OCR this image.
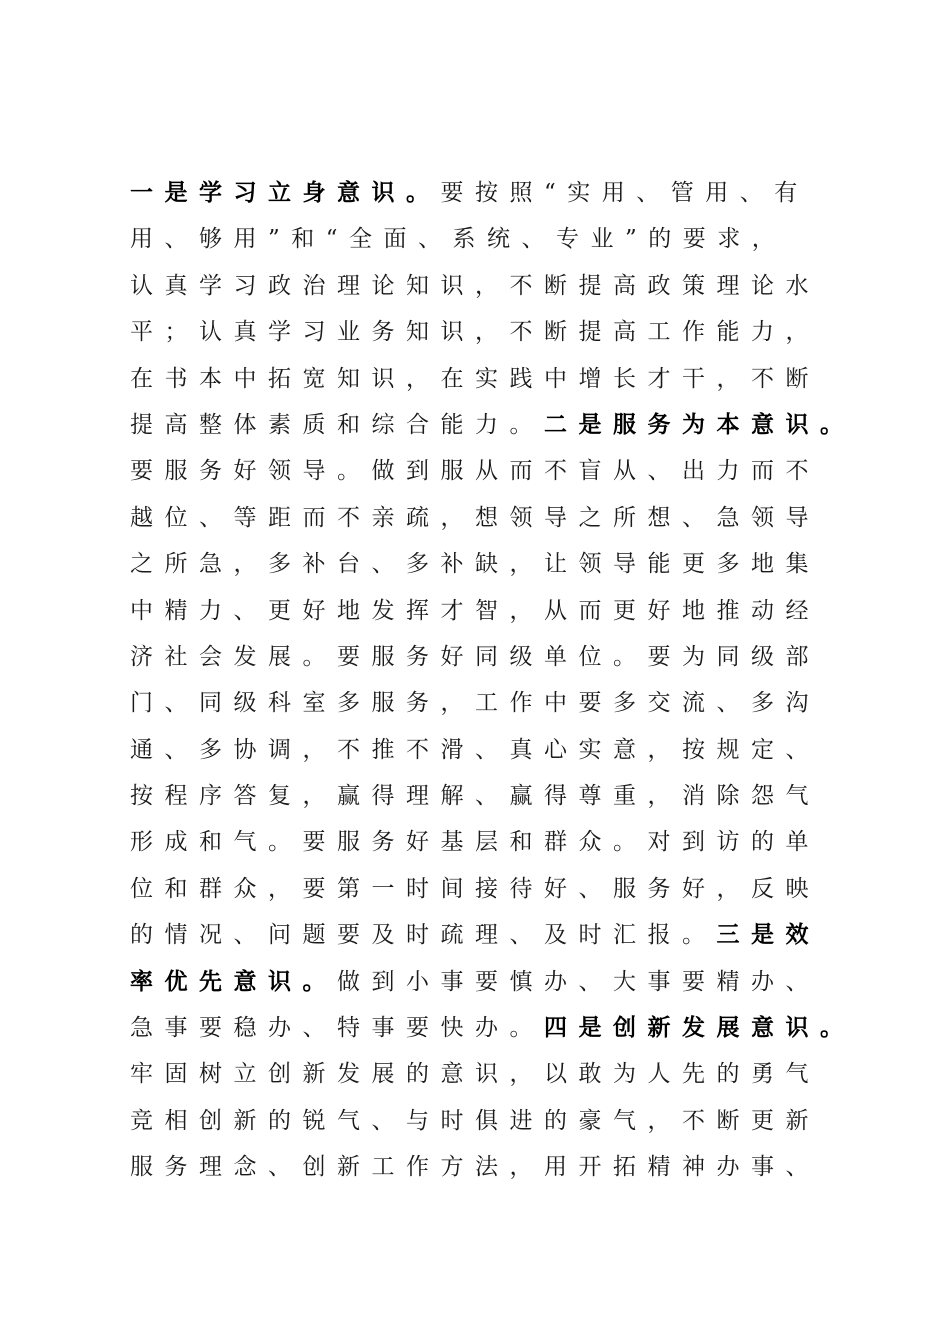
一是学习立身意识。要按照“实用、管用、有
用、够用”和“全面、系统、专业”的要求，
认真学习政治理论知识，不断提高政策理论水
平；认真学习业务知识，不断提高工作能力，
在书本中拓宽知识，在实践中增长才干，不断
提高整体素质和综合能力。二是服务为本意识。
要服务好领导。做到服从而不盲从、出力而不
越位、等距而不亲疏，想领导之所想、急领导
之所急，多补台、多补缺，让领导能更多地集
中精力、更好地发挥才智，从而更好地推动经
济社会发展。要服务好同级单位。要为同级部
门、同级科室多服务，工作中要多交流、多沟
通、多协调，不推不滑、真心实意，按规定、
按程序答复，赢得理解、赢得尊重，消除怨气
形成和气。要服务好基层和群众。对到访的单
位和群众，要第一时间接待好、服务好，反映
的情况、问题要及时疏理、及时汇报。三是效
率优先意识。做到小事要慎办、大事要精办、
急事要稳办、特事要快办。四是创新发展意识。
牢固树立创新发展的意识，以敢为人先的勇气
竞相创新的锐气、与时俱进的豪气，不断更新
服务理念、创新工作方法，用开拓精神办事、
